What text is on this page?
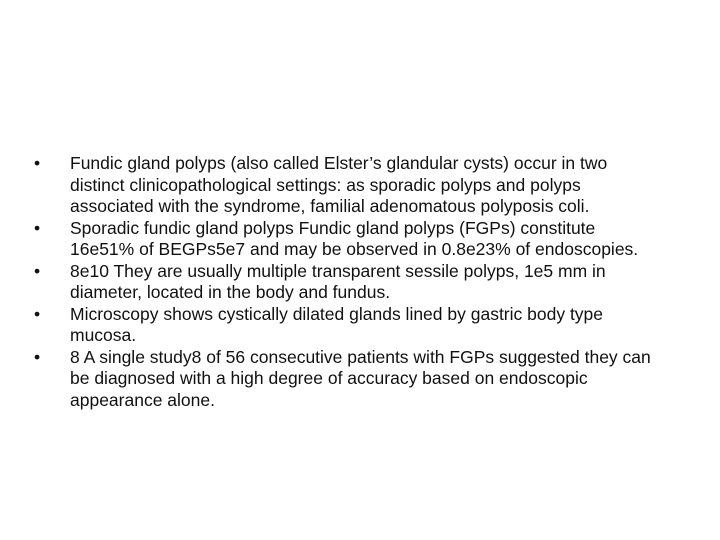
•	Fundic gland polyps (also called Elster’s glandular cysts) occur in two distinct clinicopathological settings: as sporadic polyps and polyps associated with the syndrome, familial adenomatous polyposis coli.
•	Sporadic fundic gland polyps Fundic gland polyps (FGPs) constitute 16e51% of BEGPs5e7 and may be observed in 0.8e23% of endoscopies.
•	8e10 They are usually multiple transparent sessile polyps, 1e5 mm in diameter, located in the body and fundus.
•	Microscopy shows cystically dilated glands lined by gastric body type mucosa.
•	8 A single study8 of 56 consecutive patients with FGPs suggested they can be diagnosed with a high degree of accuracy based on endoscopic appearance alone.
